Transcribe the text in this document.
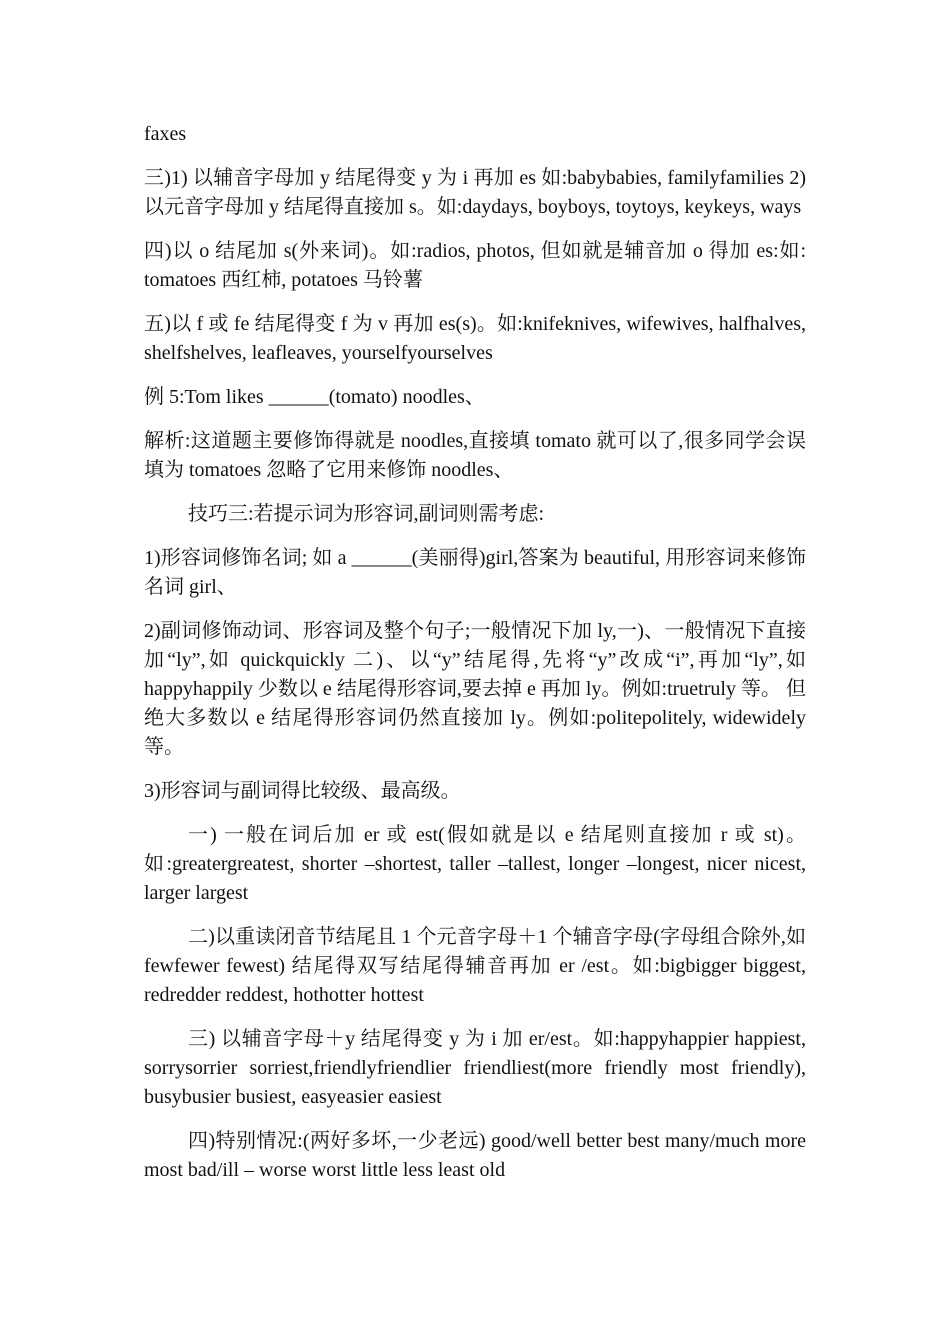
faxes

三)1) 以辅音字母加 y 结尾得变 y 为 i 再加 es 如:babybabies, familyfamilies 2) 以元音字母加 y 结尾得直接加 s。如:daydays, boyboys, toytoys, keykeys, ways

四)以 o 结尾加 s(外来词)。如:radios, photos, 但如就是辅音加 o 得加 es:如: tomatoes 西红柿, potatoes 马铃薯

五)以 f 或 fe 结尾得变 f 为 v 再加 es(s)。如:knifeknives, wifewives, halfhalves, shelfshelves, leafleaves, yourselfyourselves

例 5:Tom likes ______(tomato) noodles、

解析:这道题主要修饰得就是 noodles,直接填 tomato 就可以了,很多同学会误填为 tomatoes 忽略了它用来修饰 noodles、

技巧三:若提示词为形容词,副词则需考虑:

1)形容词修饰名词; 如 a ______(美丽得)girl,答案为 beautiful, 用形容词来修饰名词 girl、

2)副词修饰动词、形容词及整个句子;一般情况下加 ly,一)、一般情况下直接加“ly”,如 quickquickly 二)、以“y”结尾得,先将“y”改成“i”,再加“ly”,如 happyhappily 少数以 e 结尾得形容词,要去掉 e 再加 ly。例如:truetruly 等。 但绝大多数以 e 结尾得形容词仍然直接加 ly。例如:politepolitely, widewidely 等。

3)形容词与副词得比较级、最高级。

一) 一般在词后加 er 或 est(假如就是以 e 结尾则直接加 r 或 st)。如:greatergreatest, shorter –shortest, taller –tallest, longer –longest, nicer nicest, larger largest

二)以重读闭音节结尾且 1 个元音字母＋1 个辅音字母(字母组合除外,如 fewfewer fewest) 结尾得双写结尾得辅音再加 er /est。如:bigbigger biggest, redredder reddest, hothotter hottest

三) 以辅音字母＋y 结尾得变 y 为 i 加 er/est。如:happyhappier happiest, sorrysorrier sorriest,friendlyfriendlier friendliest(more friendly most friendly), busybusier busiest, easyeasier easiest

四)特别情况:(两好多坏,一少老远) good/well better best many/much more most bad/ill – worse worst little less least old
